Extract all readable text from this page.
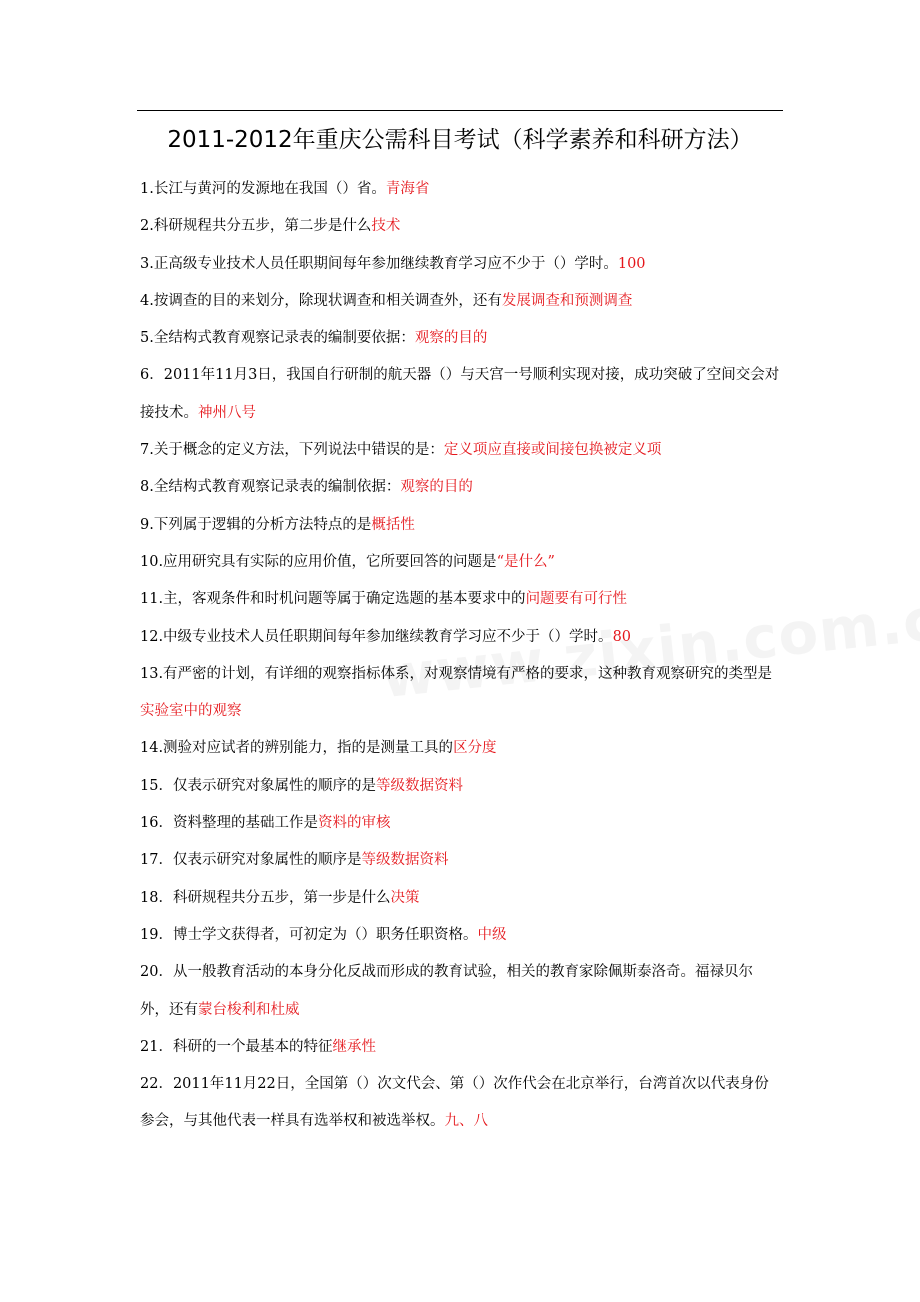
2011-2012年重庆公需科目考试（科学素养和科研方法）

1.长江与黄河的发源地在我国（）省。青海省

2.科研规程共分五步，第二步是什么技术

3.正高级专业技术人员任职期间每年参加继续教育学习应不少于（）学时。100

4.按调查的目的来划分，除现状调查和相关调查外，还有发展调查和预测调查

5.全结构式教育观察记录表的编制要依据：观察的目的

6．2011年11月3日，我国自行研制的航天器（）与天宫一号顺利实现对接，成功突破了空间交会对接技术。神州八号

7.关于概念的定义方法，下列说法中错误的是：定义项应直接或间接包换被定义项

8.全结构式教育观察记录表的编制依据：观察的目的

9.下列属于逻辑的分析方法特点的是概括性

10.应用研究具有实际的应用价值，它所要回答的问题是“是什么”

11.主，客观条件和时机问题等属于确定选题的基本要求中的问题要有可行性

12.中级专业技术人员任职期间每年参加继续教育学习应不少于（）学时。80

13.有严密的计划，有详细的观察指标体系，对观察情境有严格的要求，这种教育观察研究的类型是实验室中的观察

14.测验对应试者的辨别能力，指的是测量工具的区分度

15．仅表示研究对象属性的顺序的是等级数据资料

16．资料整理的基础工作是资料的审核

17．仅表示研究对象属性的顺序是等级数据资料

18．科研规程共分五步，第一步是什么决策

19．博士学文获得者，可初定为（）职务任职资格。中级

20．从一般教育活动的本身分化反战而形成的教育试验，相关的教育家除佩斯泰洛奇。福禄贝尔外，还有蒙台梭利和杜威

21．科研的一个最基本的特征继承性

22．2011年11月22日，全国第（）次文代会、第（）次作代会在北京举行，台湾首次以代表身份参会，与其他代表一样具有选举权和被选举权。九、八
